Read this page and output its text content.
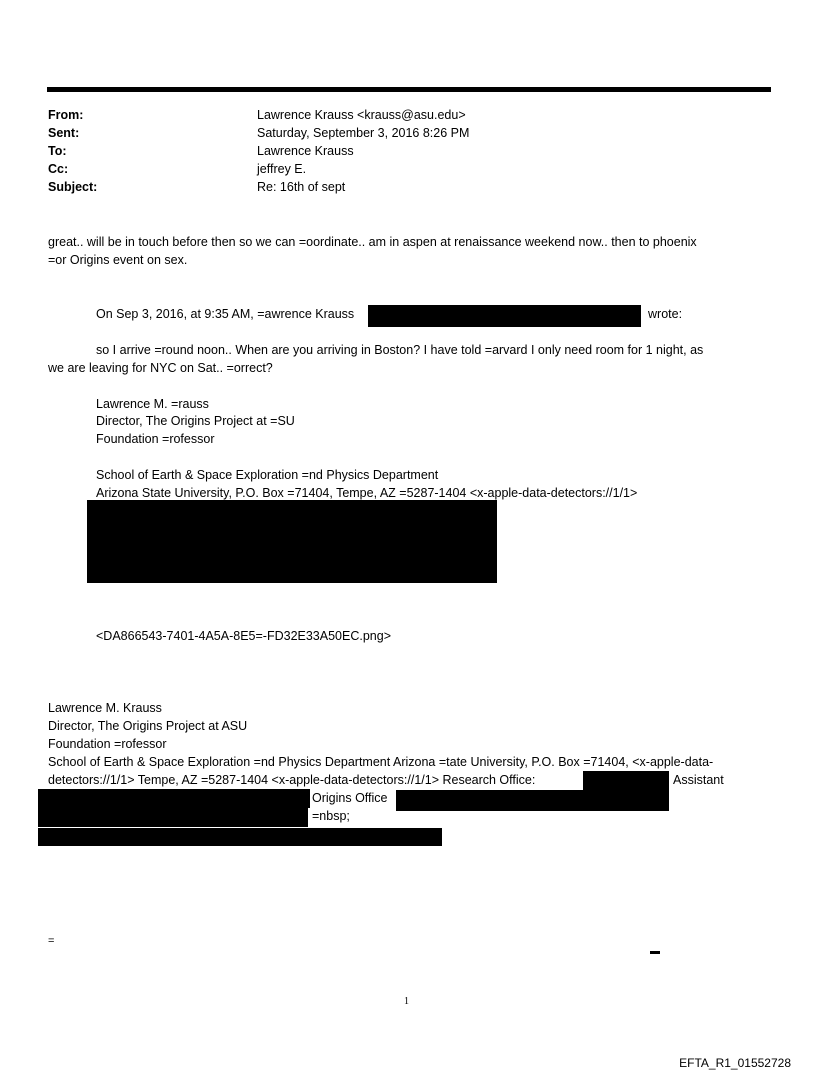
From:	Lawrence Krauss <krauss@asu.edu>
Sent:	Saturday, September 3, 2016 8:26 PM
To:	Lawrence Krauss
Cc:	jeffrey E.
Subject:	Re: 16th of sept
great.. will be in touch before then so we can =oordinate.. am in aspen at renaissance weekend now.. then to phoenix
=or Origins event on sex.
On Sep 3, 2016, at 9:35 AM, =awrence Krauss	wrote:
so I arrive =round noon.. When are you arriving in Boston? I have told =arvard I only need room for 1 night, as
we are leaving for NYC on Sat.. =orrect?
Lawrence M. =rauss
Director, The Origins Project at =SU
Foundation =rofessor
School of Earth & Space Exploration =nd Physics Department
Arizona State University, P.O. Box =71404, Tempe, AZ =5287-1404 <x-apple-data-detectors://1/1>
<DA866543-7401-4A5A-8E5=-FD32E33A50EC.png>
Lawrence M. Krauss
Director, The Origins Project at ASU
Foundation =rofessor
School of Earth & Space Exploration =nd Physics Department Arizona =tate University, P.O. Box =71404, <x-apple-data-
detectors://1/1> Tempe, AZ =5287-1404 <x-apple-data-detectors://1/1> Research Office:	Assistant
Origins Office
=nbsp;
=
1
EFTA_R1_01552728
